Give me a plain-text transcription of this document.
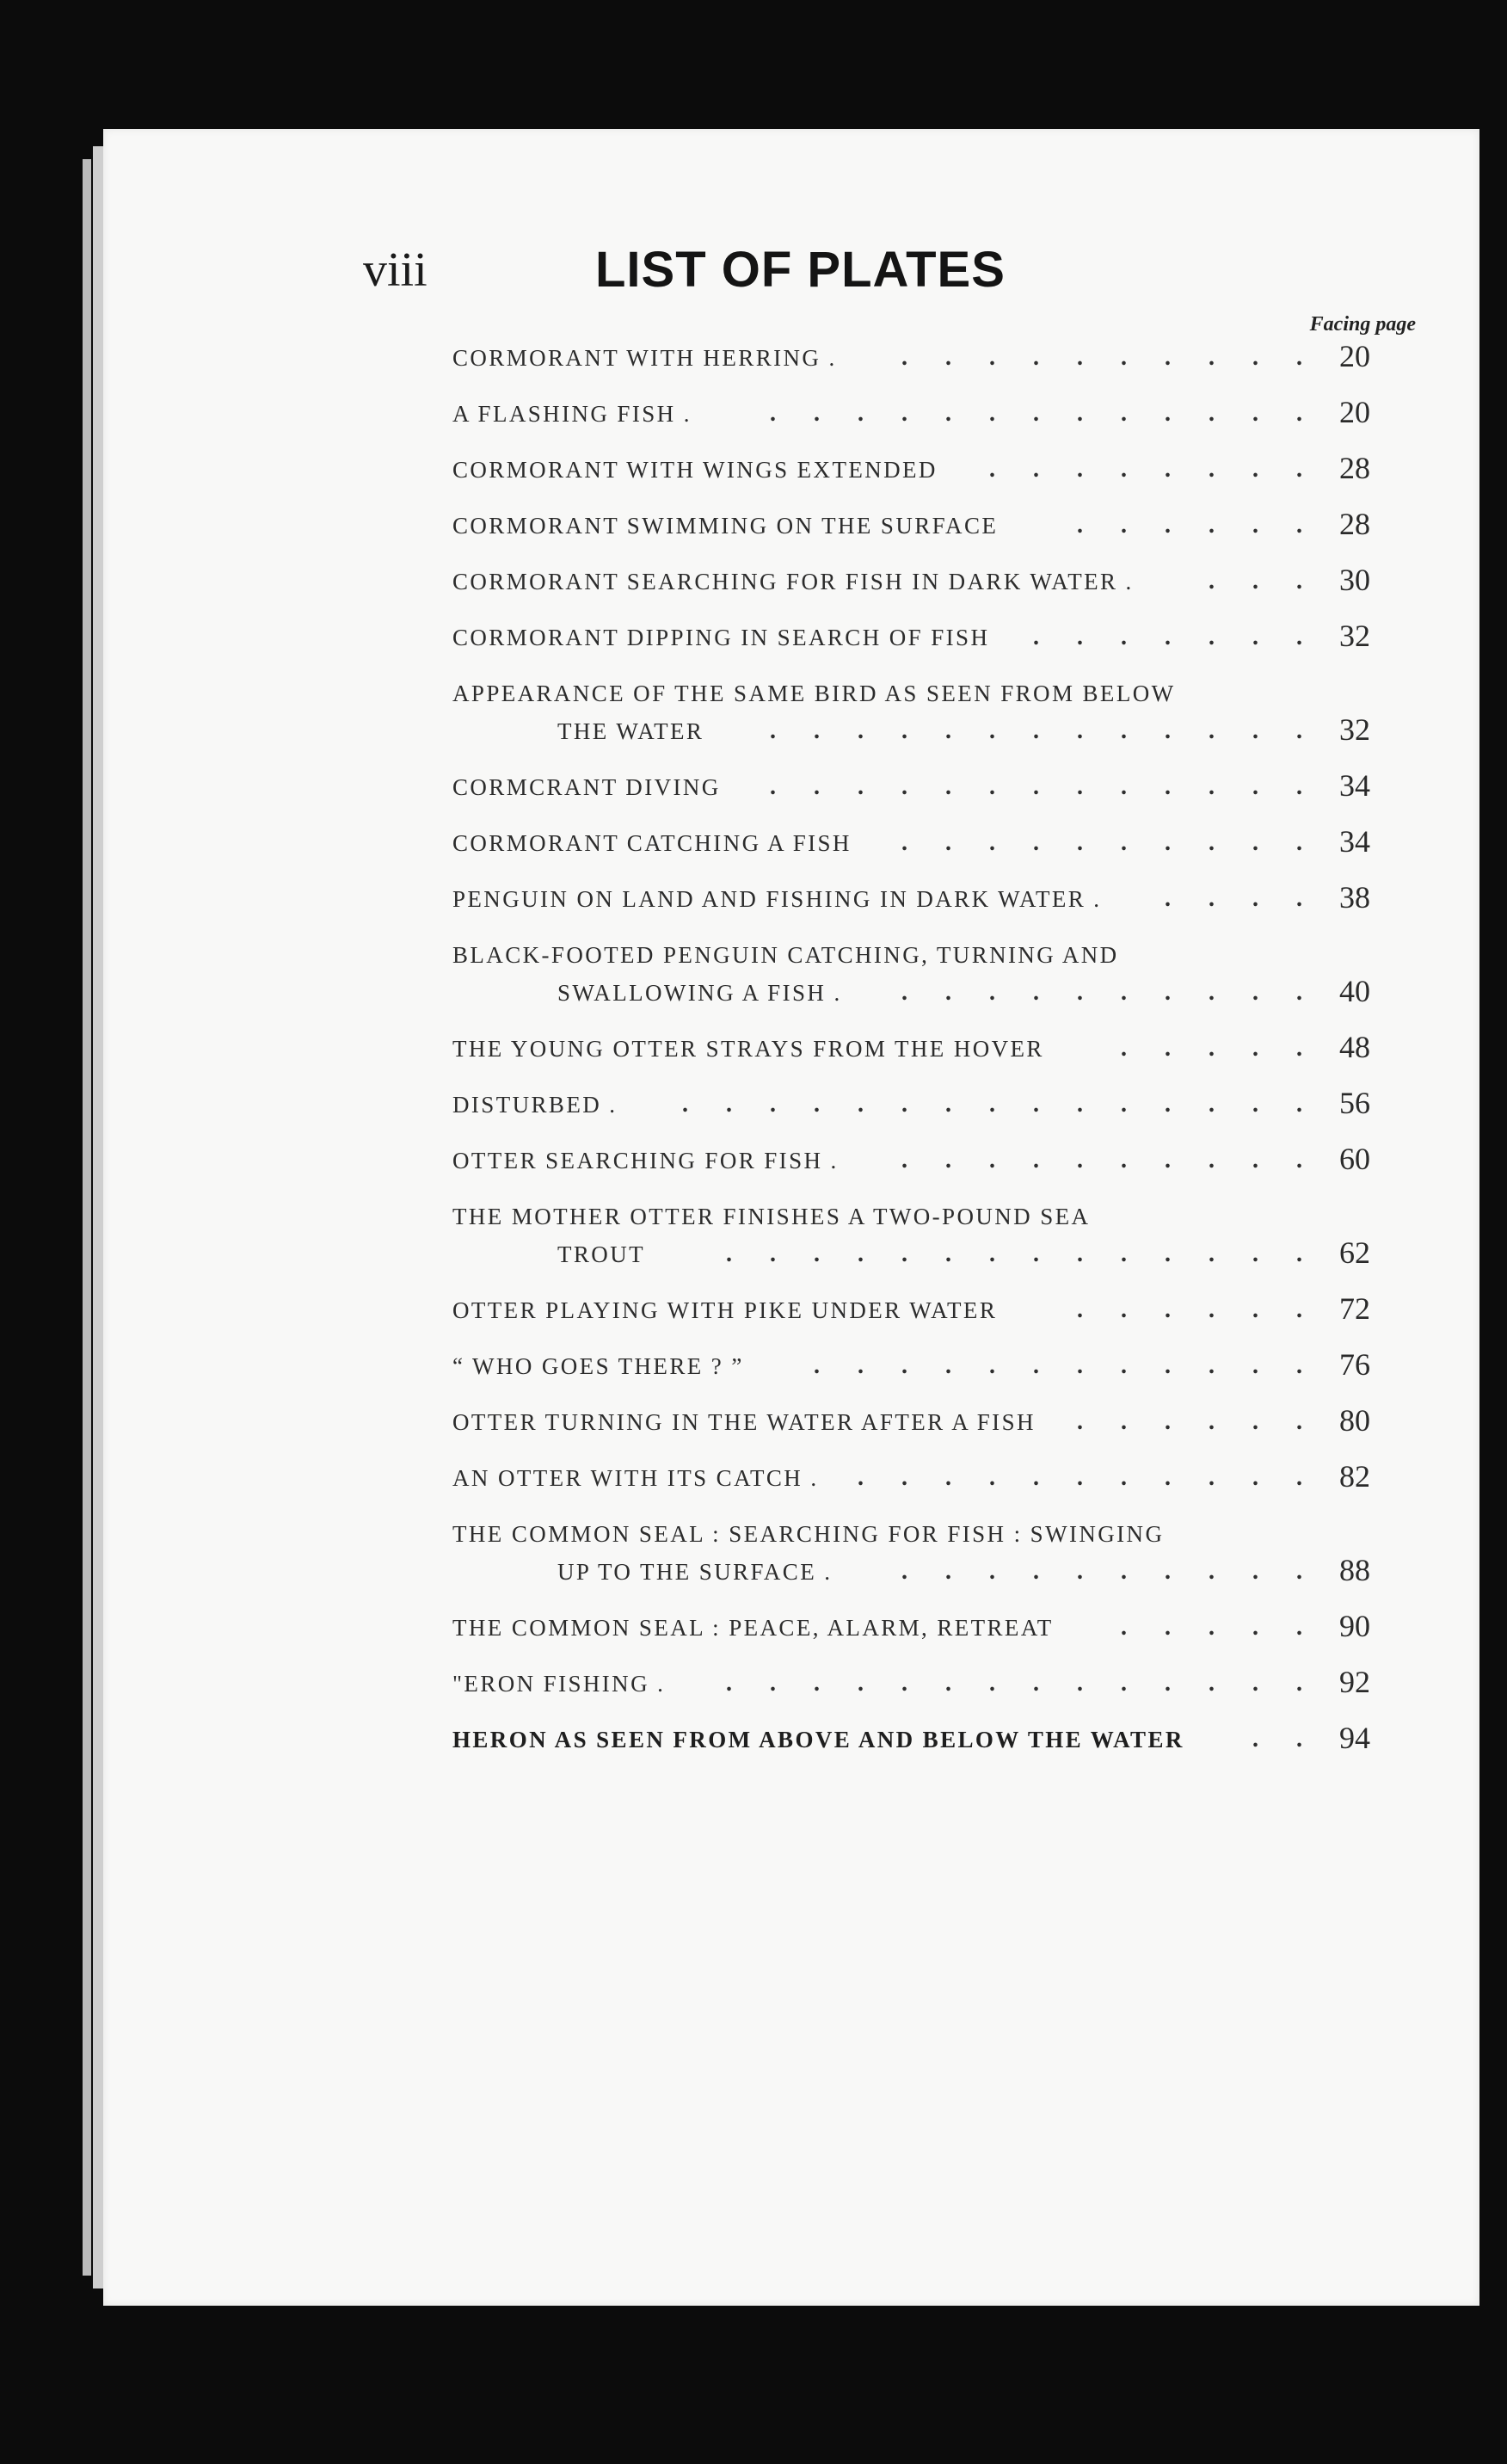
viii	LIST OF PLATES
Facing page
CORMORANT WITH HERRING .	. . . . . . . . . . 20
A FLASHING FISH .	. . . . . . . . . . . . . 20
CORMORANT WITH WINGS EXTENDED . . . . . . . . 28
CORMORANT SWIMMING ON THE SURFACE	. . . . . . 28
CORMORANT SEARCHING FOR FISH IN DARK WATER .	. . . 30
CORMORANT DIPPING IN SEARCH OF FISH . . . . . . . 32
APPEARANCE OF THE SAME BIRD AS SEEN FROM BELOW
THE WATER	. . . . . . . . . . . . . 32
CORMCRANT DIVING . . . . . . . . . . . . . 34
CORMORANT CATCHING A FISH . . . . . . . . . . 34
PENGUIN ON LAND AND FISHING IN DARK WATER .	. . . . 38
BLACK-FOOTED PENGUIN CATCHING, TURNING AND
SWALLOWING A FISH . . . . . . . . . . . 40
THE YOUNG OTTER STRAYS FROM THE HOVER	. . . . . 48
DISTURBED .	. . . . . . . . . . . . . . . 56
OTTER SEARCHING FOR FISH .	. . . . . . . . . . 60
THE MOTHER OTTER FINISHES A TWO-POUND SEA
TROUT	. . . . . . . . . . . . . . 62
OTTER PLAYING WITH PIKE UNDER WATER	. . . . . . 72
“ WHO GOES THERE ? ”	. . . . . . . . . . . . 76
OTTER TURNING IN THE WATER AFTER A FISH . . . . . . 80
AN OTTER WITH ITS CATCH . . . . . . . . . . . . 82
THE COMMON SEAL : SEARCHING FOR FISH : SWINGING
UP TO THE SURFACE .	. . . . . . . . . . 88
THE COMMON SEAL : PEACE, ALARM, RETREAT	. . . . . 90
"ERON FISHING .	. . . . . . . . . . . . . . 92
HERON AS SEEN FROM ABOVE AND BELOW THE WATER	. . 94
